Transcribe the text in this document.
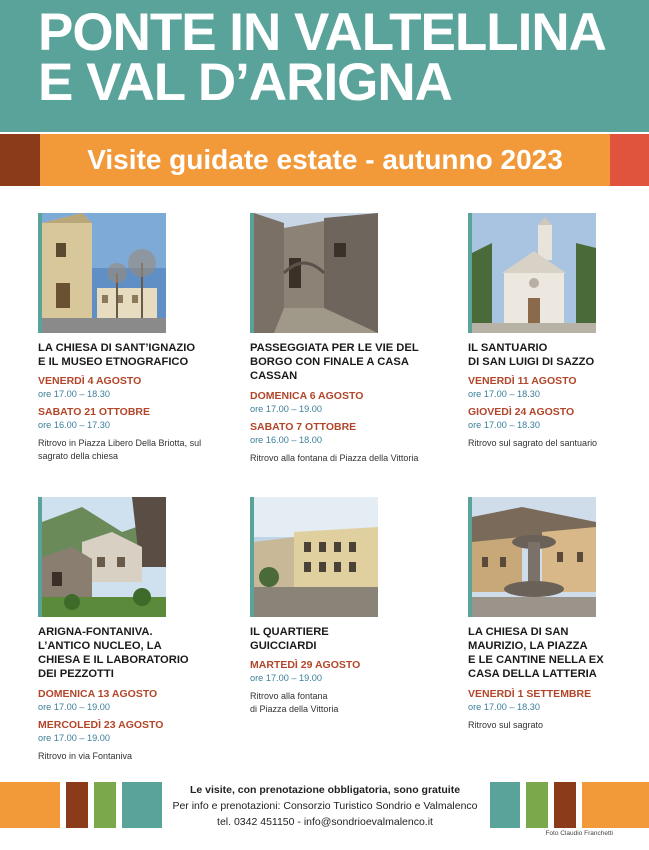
PONTE IN VALTELLINA
E VAL D’ARIGNA
Visite guidate estate - autunno 2023
LA CHIESA DI SANT’IGNAZIO
E IL MUSEO ETNOGRAFICO
VENERDÌ 4 AGOSTO
ore 17.00 – 18.30
SABATO 21 OTTOBRE
ore 16.00 – 17.30
Ritrovo in Piazza Libero Della Briotta, sul
sagrato della chiesa
PASSEGGIATA PER LE VIE DEL
BORGO CON FINALE A CASA
CASSAN
DOMENICA 6 AGOSTO
ore 17.00 – 19.00
SABATO 7 OTTOBRE
ore 16.00 – 18.00
Ritrovo alla fontana di Piazza della Vittoria
IL SANTUARIO
DI SAN LUIGI DI SAZZO
VENERDÌ 11 AGOSTO
ore 17.00 – 18.30
GIOVEDÌ 24 AGOSTO
ore 17.00 – 18.30
Ritrovo sul sagrato del santuario
ARIGNA-FONTANIVA.
L’ANTICO NUCLEO, LA
CHIESA E IL LABORATORIO
DEI PEZZOTTI
DOMENICA 13 AGOSTO
ore 17.00 – 19.00
MERCOLEDÌ 23 AGOSTO
ore 17.00 – 19.00
Ritrovo in via Fontaniva
IL QUARTIERE
GUICCIARDI
MARTEDÌ 29 AGOSTO
ore 17.00 – 19.00
Ritrovo alla fontana
di Piazza della Vittoria
LA CHIESA DI SAN
MAURIZIO, LA PIAZZA
E LE CANTINE NELLA EX
CASA DELLA LATTERIA
VENERDÌ 1 SETTEMBRE
ore 17.00 – 18.30
Ritrovo sul sagrato
Le visite, con prenotazione obbligatoria, sono gratuite
Per info e prenotazioni: Consorzio Turistico Sondrio e Valmalenco
tel. 0342 451150 - info@sondrioevalmalenco.it
Foto Claudio Franchetti
